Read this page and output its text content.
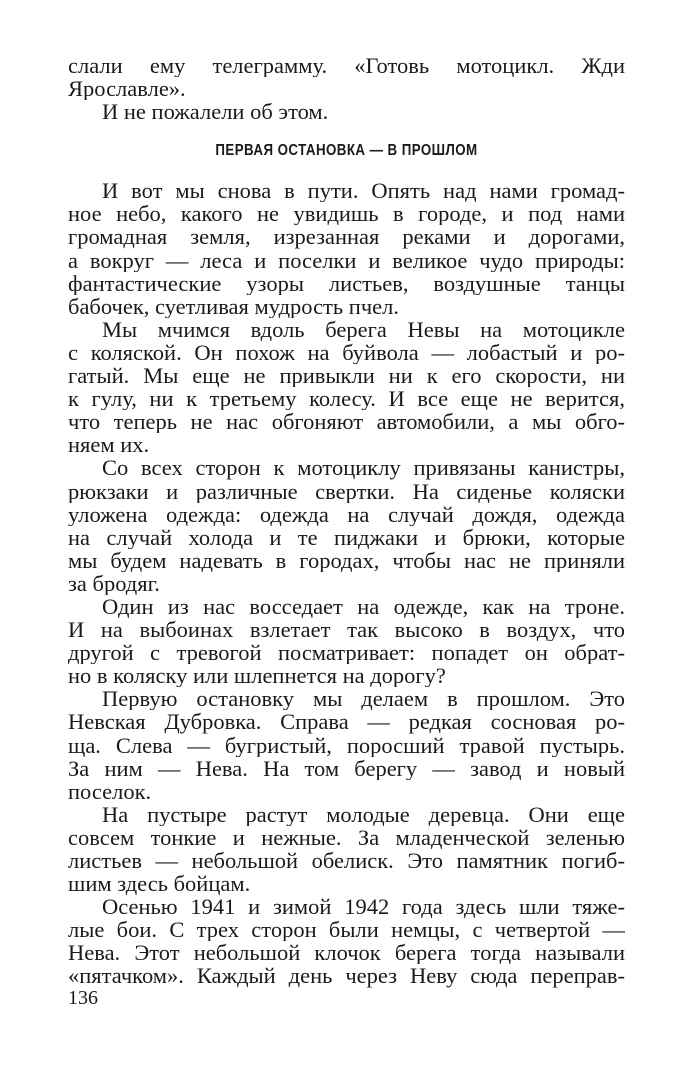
слали ему телеграмму. «Готовь мотоцикл. Жди
Ярославле».
И не пожалели об этом.
ПЕРВАЯ ОСТАНОВКА — В ПРОШЛОМ
И вот мы снова в пути. Опять над нами громад-
ное небо, какого не увидишь в городе, и под нами
громадная земля, изрезанная реками и дорогами,
а вокруг — леса и поселки и великое чудо природы:
фантастические узоры листьев, воздушные танцы
бабочек, суетливая мудрость пчел.
Мы мчимся вдоль берега Невы на мотоцикле
с коляской. Он похож на буйвола — лобастый и ро-
гатый. Мы еще не привыкли ни к его скорости, ни
к гулу, ни к третьему колесу. И все еще не верится,
что теперь не нас обгоняют автомобили, а мы обго-
няем их.
Со всех сторон к мотоциклу привязаны канистры,
рюкзаки и различные свертки. На сиденье коляски
уложена одежда: одежда на случай дождя, одежда
на случай холода и те пиджаки и брюки, которые
мы будем надевать в городах, чтобы нас не приняли
за бродяг.
Один из нас восседает на одежде, как на троне.
И на выбоинах взлетает так высоко в воздух, что
другой с тревогой посматривает: попадет он обрат-
но в коляску или шлепнется на дорогу?
Первую остановку мы делаем в прошлом. Это
Невская Дубровка. Справа — редкая сосновая ро-
ща. Слева — бугристый, поросший травой пустырь.
За ним — Нева. На том берегу — завод и новый
поселок.
На пустыре растут молодые деревца. Они еще
совсем тонкие и нежные. За младенческой зеленью
листьев — небольшой обелиск. Это памятник погиб-
шим здесь бойцам.
Осенью 1941 и зимой 1942 года здесь шли тяже-
лые бои. С трех сторон были немцы, с четвертой —
Нева. Этот небольшой клочок берега тогда называли
«пятачком». Каждый день через Неву сюда переправ-
136
